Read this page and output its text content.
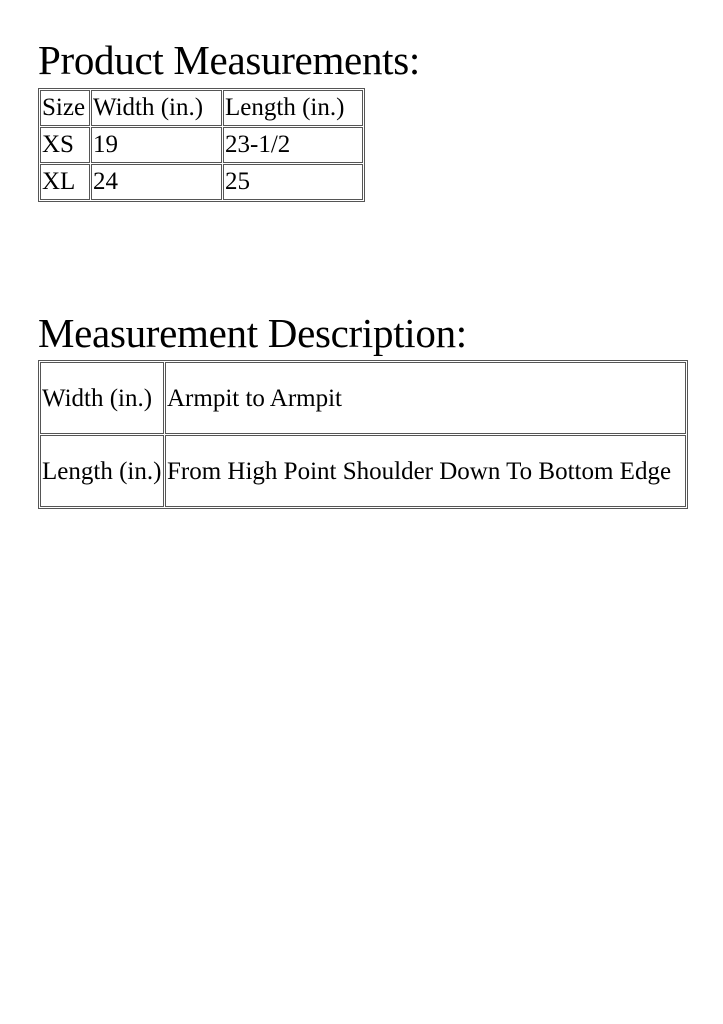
Product Measurements:
Size	Width (in.)	Length (in.)
XS	19	23-1/2
XL	24	25
Measurement Description:
Width (in.)	Armpit to Armpit
Length (in.)	From High Point Shoulder Down To Bottom Edge
